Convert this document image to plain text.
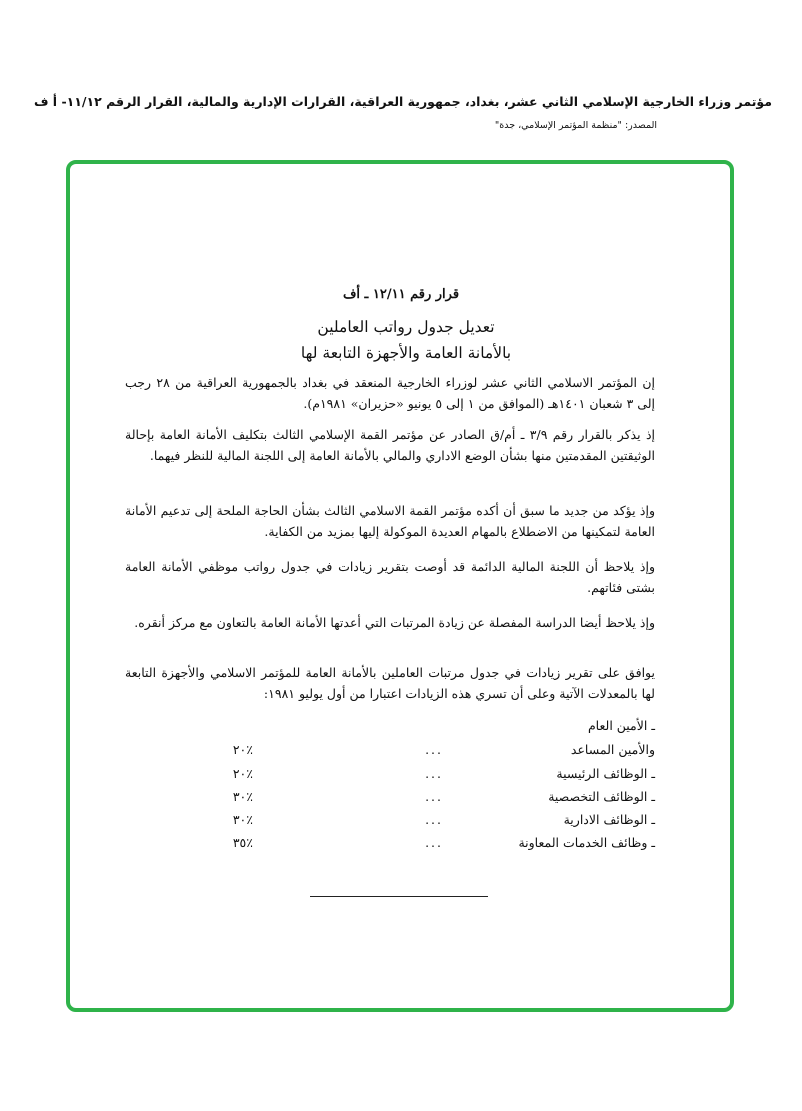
مؤتمر وزراء الخارجية الإسلامي الثاني عشر، بغداد، جمهورية العراقية، القرارات الإدارية والمالية، القرار الرقم ١١/١٢- أ ف
المصدر: "منظمة المؤتمر الإسلامي، جدة"
قرار رقم ١٢/١١ ـ أف
تعديل جدول رواتب العاملين
بالأمانة العامة والأجهزة التابعة لها
إن المؤتمر الاسلامي الثاني عشر لوزراء الخارجية المنعقد في بغداد بالجمهورية العراقية من ٢٨ رجب إلى ٣ شعبان ١٤٠١هـ (الموافق من ١ إلى ٥ يونيو «حزيران» ١٩٨١م).
إذ يذكر بالقرار رقم ٣/٩ ـ أم/ق الصادر عن مؤتمر القمة الإسلامي الثالث بتكليف الأمانة العامة بإحالة الوثيقتين المقدمتين منها بشأن الوضع الاداري والمالي بالأمانة العامة إلى اللجنة المالية للنظر فيهما.
وإذ يؤكد من جديد ما سبق أن أكده مؤتمر القمة الاسلامي الثالث بشأن الحاجة الملحة إلى تدعيم الأمانة العامة لتمكينها من الاضطلاع بالمهام العديدة الموكولة إليها بمزيد من الكفاية.
وإذ يلاحظ أن اللجنة المالية الدائمة قد أوصت بتقرير زيادات في جدول رواتب موظفي الأمانة العامة بشتى فئاتهم.
وإذ يلاحظ أيضا الدراسة المفصلة عن زيادة المرتبات التي أعدتها الأمانة العامة بالتعاون مع مركز أنقره.
يوافق على تقرير زيادات في جدول مرتبات العاملين بالأمانة العامة للمؤتمر الاسلامي والأجهزة التابعة لها بالمعدلات الآتية وعلى أن تسري هذه الزيادات اعتبارا من أول يوليو ١٩٨١:
ـ الأمين العام
والأمين المساعد
...
٪٢٠
ـ الوظائف الرئيسية
...
٪٢٠
ـ الوظائف التخصصية
...
٪٣٠
ـ الوظائف الادارية
...
٪٣٠
ـ وظائف الخدمات المعاونة
...
٪٣٥
